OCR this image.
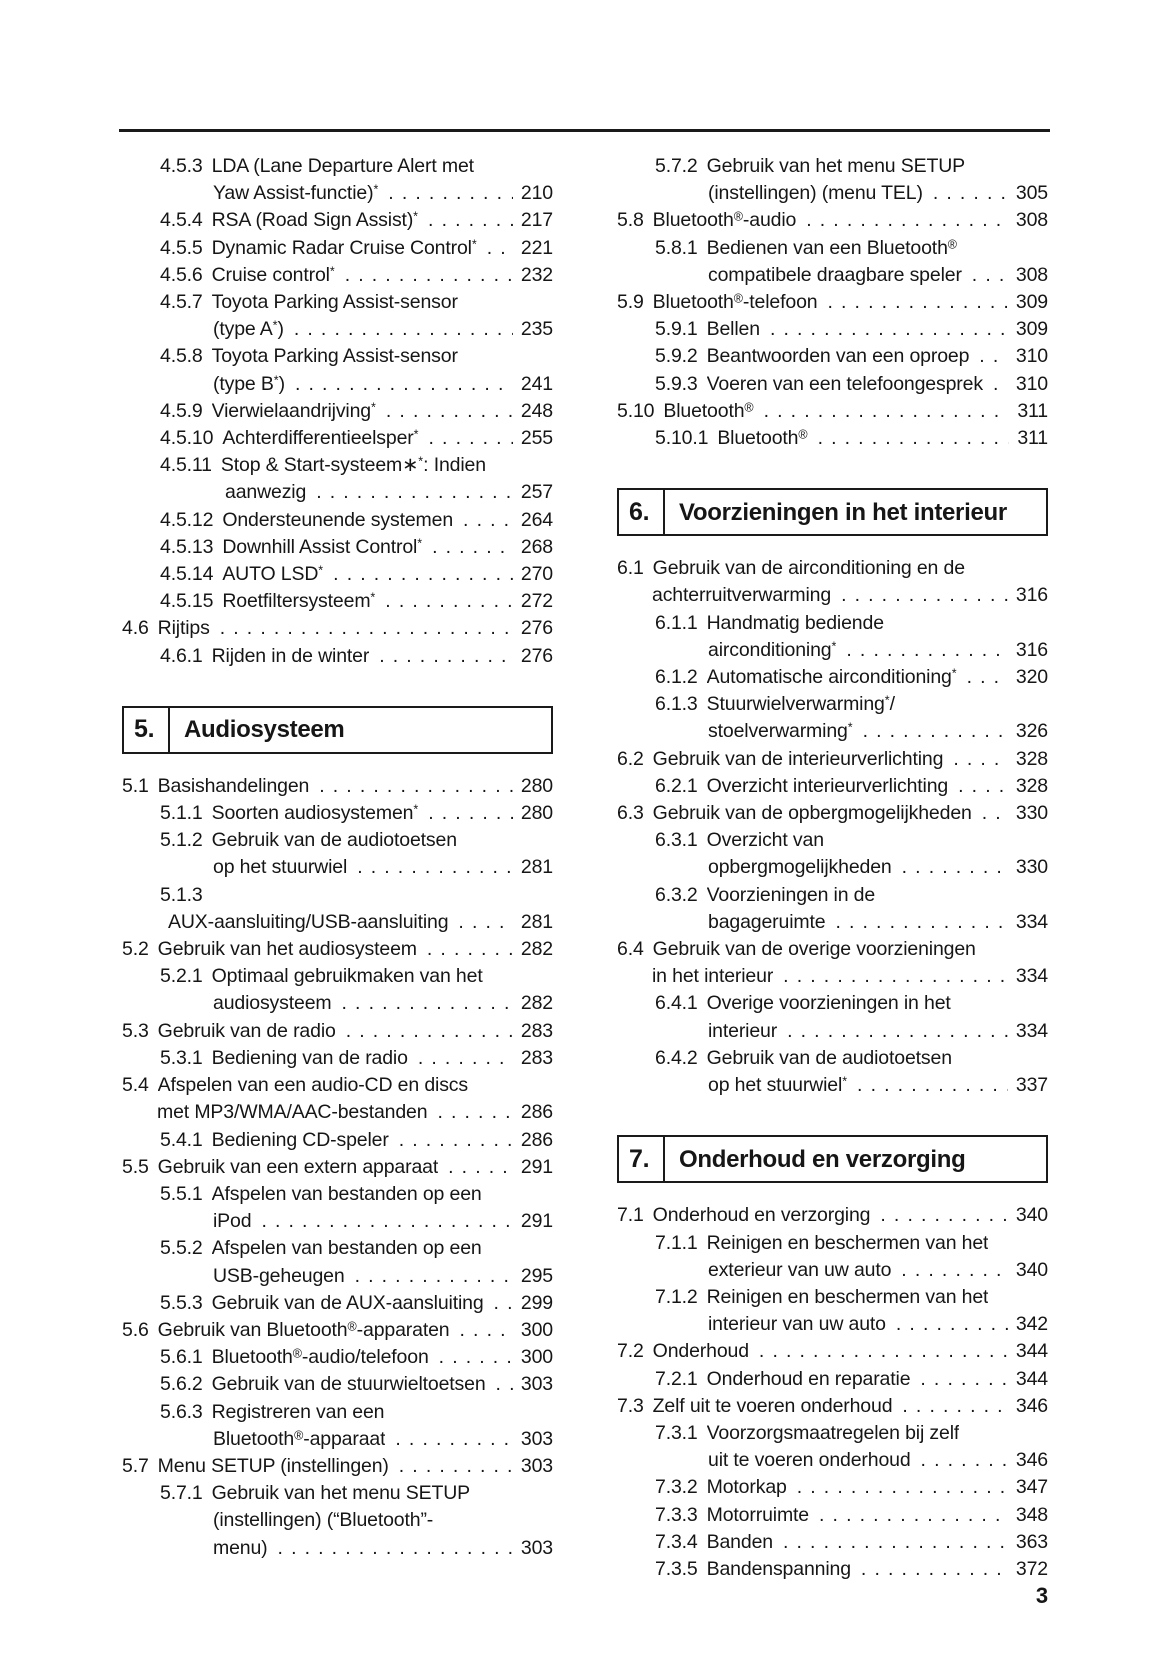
4.5.3 LDA (Lane Departure Alert met
Yaw Assist-functie)* . . .	210
4.5.4 RSA (Road Sign Assist)* . . .	217
4.5.5 Dynamic Radar Cruise Control* . . . 221
4.5.6 Cruise control* . . .	232
4.5.7 Toyota Parking Assist-sensor
(type A*) . . .	235
4.5.8 Toyota Parking Assist-sensor
(type B*) . . .	241
4.5.9 Vierwielaandrijving* . . .	248
4.5.10 Achterdifferentieelsper* . . .	255
4.5.11 Stop & Start-systeem∗*: Indien
aanwezig . . .	257
4.5.12 Ondersteunende systemen . . .	264
4.5.13 Downhill Assist Control* . . .	268
4.5.14 AUTO LSD* . . .	270
4.5.15 Roetfiltersysteem* . . .	272
4.6 Rijtips . . .	276
4.6.1 Rijden in de winter . . .	276
5.	Audiosysteem
5.1 Basishandelingen . . .	280
5.1.1 Soorten audiosystemen* . . .	280
5.1.2 Gebruik van de audiotoetsen
op het stuurwiel . . .	281
5.1.3
AUX-aansluiting/USB-aansluiting . . .	281
5.2 Gebruik van het audiosysteem . . .	282
5.2.1 Optimaal gebruikmaken van het
audiosysteem . . .	282
5.3 Gebruik van de radio . . .	283
5.3.1 Bediening van de radio . . .	283
5.4 Afspelen van een audio-CD en discs
met MP3/WMA/AAC-bestanden . . .	286
5.4.1 Bediening CD-speler . . .	286
5.5 Gebruik van een extern apparaat . . .	291
5.5.1 Afspelen van bestanden op een
iPod . . .	291
5.5.2 Afspelen van bestanden op een
USB-geheugen . . .	295
5.5.3 Gebruik van de AUX-aansluiting . . . 299
5.6 Gebruik van Bluetooth®-apparaten . . .	300
5.6.1 Bluetooth®-audio/telefoon . . .	300
5.6.2 Gebruik van de stuurwieltoetsen . . . 303
5.6.3 Registreren van een
Bluetooth®-apparaat . . .	303
5.7 Menu SETUP (instellingen) . . .	303
5.7.1 Gebruik van het menu SETUP
(instellingen) (“Bluetooth”-
menu) . . .	303
5.7.2 Gebruik van het menu SETUP
(instellingen) (menu TEL) . . .	305
5.8 Bluetooth®-audio . . .	308
5.8.1 Bedienen van een Bluetooth®
compatibele draagbare speler . . .	308
5.9 Bluetooth®-telefoon . . .	309
5.9.1 Bellen . . .	309
5.9.2 Beantwoorden van een oproep . . . 310
5.9.3 Voeren van een telefoongesprek . . . 310
5.10 Bluetooth® . . .	311
5.10.1 Bluetooth® . . .	311
6.	Voorzieningen in het interieur
6.1 Gebruik van de airconditioning en de
achterruitverwarming . . .	316
6.1.1 Handmatig bediende
airconditioning* . . .	316
6.1.2 Automatische airconditioning* . . .	320
6.1.3 Stuurwielverwarming*/
stoelverwarming* . . .	326
6.2 Gebruik van de interieurverlichting . . .	328
6.2.1 Overzicht interieurverlichting . . .	328
6.3 Gebruik van de opbergmogelijkheden . . . 330
6.3.1 Overzicht van
opbergmogelijkheden . . .	330
6.3.2 Voorzieningen in de
bagageruimte . . .	334
6.4 Gebruik van de overige voorzieningen
in het interieur . . .	334
6.4.1 Overige voorzieningen in het
interieur . . .	334
6.4.2 Gebruik van de audiotoetsen
op het stuurwiel* . . .	337
7.	Onderhoud en verzorging
7.1 Onderhoud en verzorging . . .	340
7.1.1 Reinigen en beschermen van het
exterieur van uw auto . . .	340
7.1.2 Reinigen en beschermen van het
interieur van uw auto . . .	342
7.2 Onderhoud . . .	344
7.2.1 Onderhoud en reparatie . . .	344
7.3 Zelf uit te voeren onderhoud . . .	346
7.3.1 Voorzorgsmaatregelen bij zelf
uit te voeren onderhoud . . .	346
7.3.2 Motorkap . . .	347
7.3.3 Motorruimte . . .	348
7.3.4 Banden . . .	363
7.3.5 Bandenspanning . . .	372
3
